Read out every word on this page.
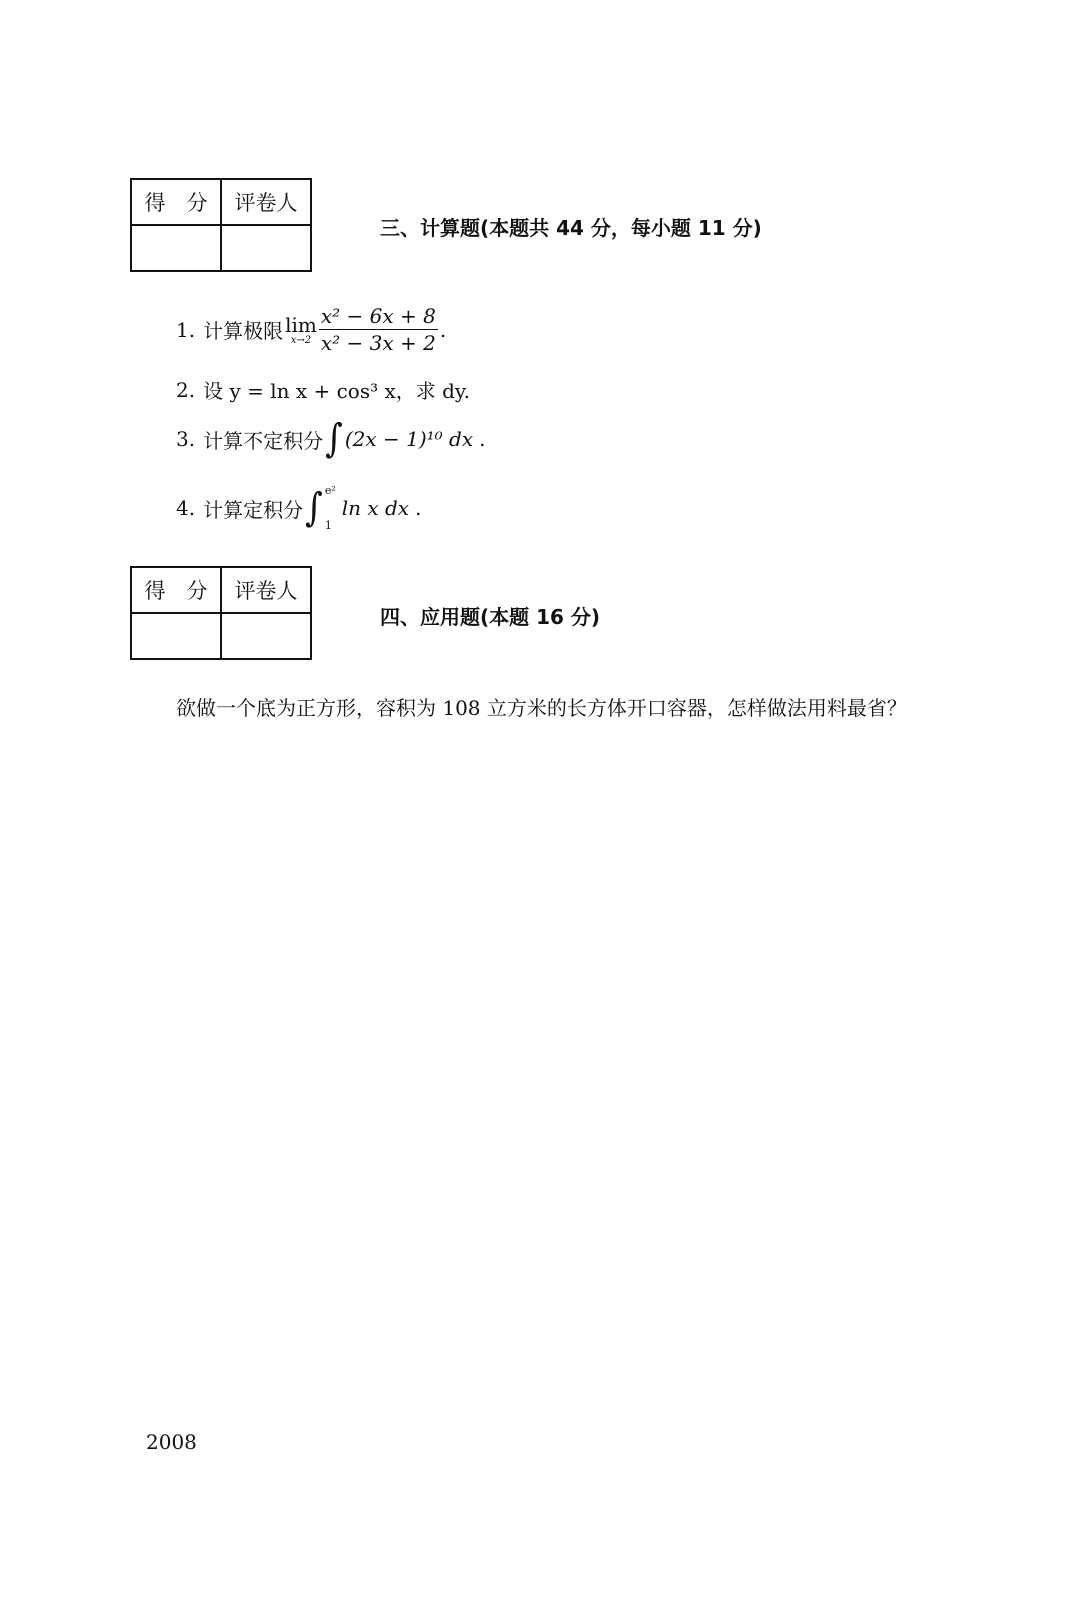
得　分	评卷人

三、计算题(本题共 44 分，每小题 11 分)
1. 计算极限 lim
$x\to 2 \frac{\text{x² − 6x + 8}}{\text{x² − 3x + 2}}$ .
2. 设 y = ln x + cos³ x，求 dy.
3. 计算不定积分 ∫ (2x − 1)¹⁰ dx .
4. 计算定积分 ∫ e²
1
ln x dx .
得　分	评卷人

四、应用题(本题 16 分)
欲做一个底为正方形，容积为 108 立方米的长方体开口容器，怎样做法用料最省？
2008
